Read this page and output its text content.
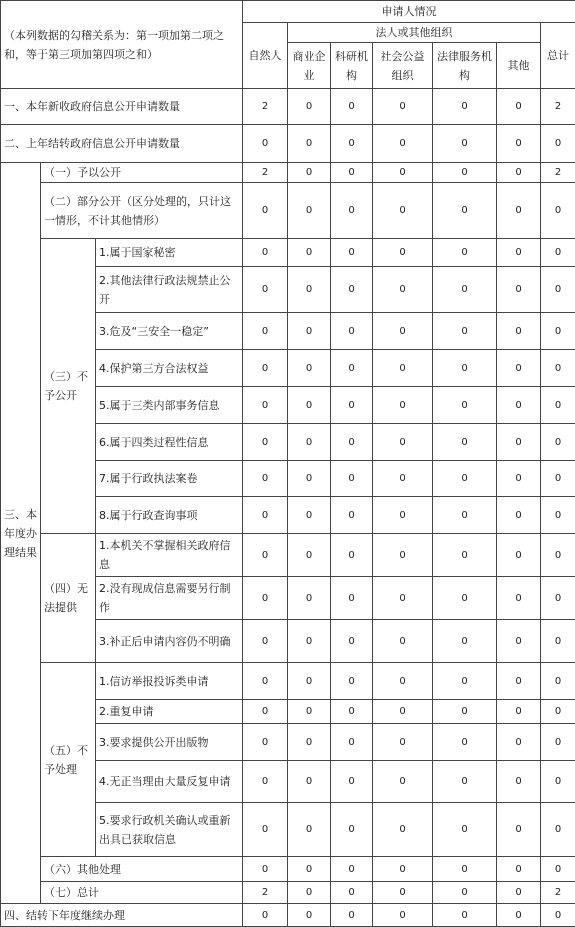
（本列数据的勾稽关系为：第一项加第二项之和，等于第三项加第四项之和）			申请人情况						
			自然人	法人或其他组织					总计
				商业企业	科研机构	社会公益组织	法律服务机构	其他	
一、本年新收政府信息公开申请数量			2	0	0	0	0	0	2
二、上年结转政府信息公开申请数量			0	0	0	0	0	0	0
三、本年度办理结果	（一）予以公开		2	0	0	0	0	0	2
	（二）部分公开（区分处理的，只计这一情形，不计其他情形）		0	0	0	0	0	0	0
	（三）不予公开	1.属于国家秘密	0	0	0	0	0	0	0
		2.其他法律行政法规禁止公开	0	0	0	0	0	0	0
		3.危及“三安全一稳定”	0	0	0	0	0	0	0
		4.保护第三方合法权益	0	0	0	0	0	0	0
		5.属于三类内部事务信息	0	0	0	0	0	0	0
		6.属于四类过程性信息	0	0	0	0	0	0	0
		7.属于行政执法案卷	0	0	0	0	0	0	0
		8.属于行政查询事项	0	0	0	0	0	0	0
	（四）无法提供	1.本机关不掌握相关政府信息	0	0	0	0	0	0	0
		2.没有现成信息需要另行制作	0	0	0	0	0	0	0
		3.补正后申请内容仍不明确	0	0	0	0	0	0	0
	（五）不予处理	1.信访举报投诉类申请	0	0	0	0	0	0	0
		2.重复申请	0	0	0	0	0	0	0
		3.要求提供公开出版物	0	0	0	0	0	0	0
		4.无正当理由大量反复申请	0	0	0	0	0	0	0
		5.要求行政机关确认或重新出具已获取信息	0	0	0	0	0	0	0
	（六）其他处理		0	0	0	0	0	0	0
	（七）总计		2	0	0	0	0	0	2
四、结转下年度继续办理			0	0	0	0	0	0	0
